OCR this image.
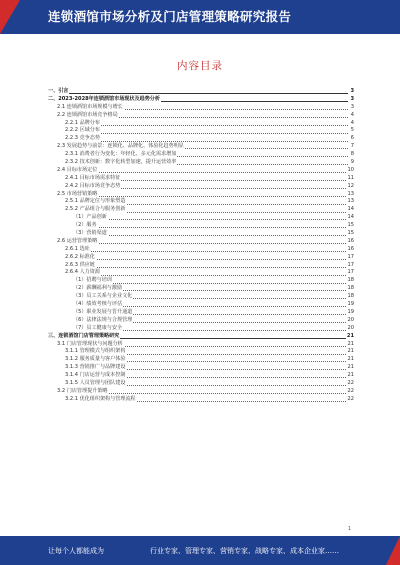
连锁酒馆市场分析及门店管理策略研究报告
内容目录
一、引言	3
二、2023-2028年连锁酒馆市场现状及趋势分析	3
2.1 连锁酒馆市场规模与增长	3
2.2 连锁酒馆市场竞争格局	4
2.2.1 品牌分布	4
2.2.2 区域分布	5
2.2.3 竞争态势	6
2.3 发展趋势与前景：连锁化、品牌化、体验化趋势明显	7
2.3.1 消费者行为变化：年轻化、多元化需求增加	8
2.3.2 技术创新：数字化转型加速，提升运营效率	9
2.4 目标市场定位	10
2.4.1 目标市场需求特征	11
2.4.2 目标市场竞争态势	12
2.5 市场营销策略	13
2.5.1 品牌定位与形象塑造	13
2.5.2 产品组合与服务创新	14
（1）产品创新	14
（2）服务	15
（3）营销渠道	15
2.6 运营管理策略	16
2.6.1 选址	16
2.6.2 标准化	17
2.6.3 供应链	17
2.6.4 人力资源	17
（1）招聘与培训	18
（2）薪酬福利与激励	18
（3）员工关系与企业文化	18
（4）绩效考核与评估	19
（5）职业发展与晋升通道	19
（6）法律法规与合规管理	20
（7）员工健康与安全	20
三、连锁酒馆门店管理策略研究	21
3.1 门店管理现状与问题分析	21
3.1.1 管理模式与组织架构	21
3.1.2 服务质量与客户体验	21
3.1.3 营销推广与品牌建设	21
3.1.4 门店运营与成本控制	21
3.1.5 人员管理与团队建设	22
3.2 门店管理提升策略	22
3.2.1 优化组织架构与管理流程	22
1
让每个人都能成为	行业专家、管理专家、营销专家、战略专家、成本企业家……
